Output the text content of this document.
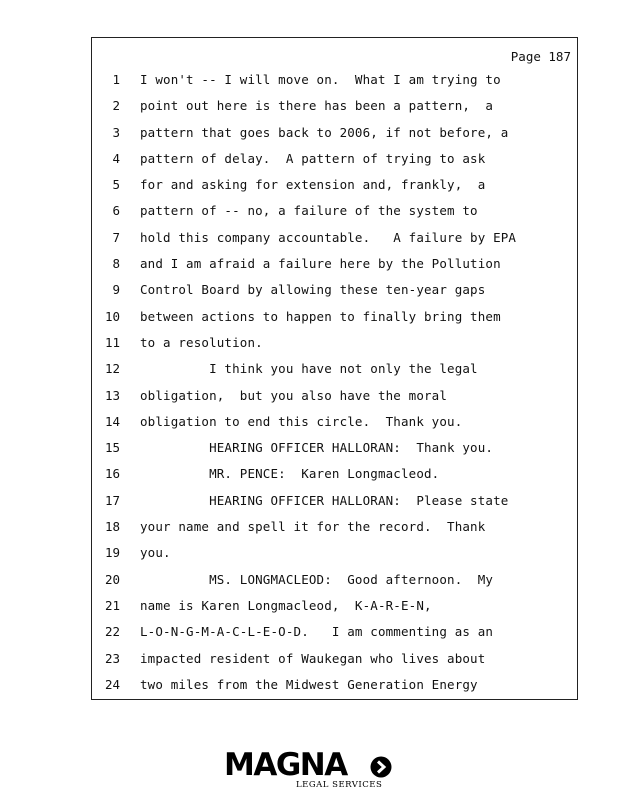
Page 187
1 I won't -- I will move on.  What I am trying to
2 point out here is there has been a pattern,  a
3 pattern that goes back to 2006, if not before, a
4 pattern of delay.  A pattern of trying to ask
5 for and asking for extension and, frankly,  a
6 pattern of -- no, a failure of the system to
7 hold this company accountable.   A failure by EPA
8 and I am afraid a failure here by the Pollution
9 Control Board by allowing these ten-year gaps
10 between actions to happen to finally bring them
11 to a resolution.
12 I think you have not only the legal
13 obligation,  but you also have the moral
14 obligation to end this circle.  Thank you.
15 HEARING OFFICER HALLORAN:  Thank you.
16 MR. PENCE:  Karen Longmacleod.
17 HEARING OFFICER HALLORAN:  Please state
18 your name and spell it for the record.  Thank
19 you.
20 MS. LONGMACLEOD:  Good afternoon.  My
21 name is Karen Longmacleod,  K-A-R-E-N,
22 L-O-N-G-M-A-C-L-E-O-D.   I am commenting as an
23 impacted resident of Waukegan who lives about
24 two miles from the Midwest Generation Energy
MAGNA
LEGAL SERVICES
